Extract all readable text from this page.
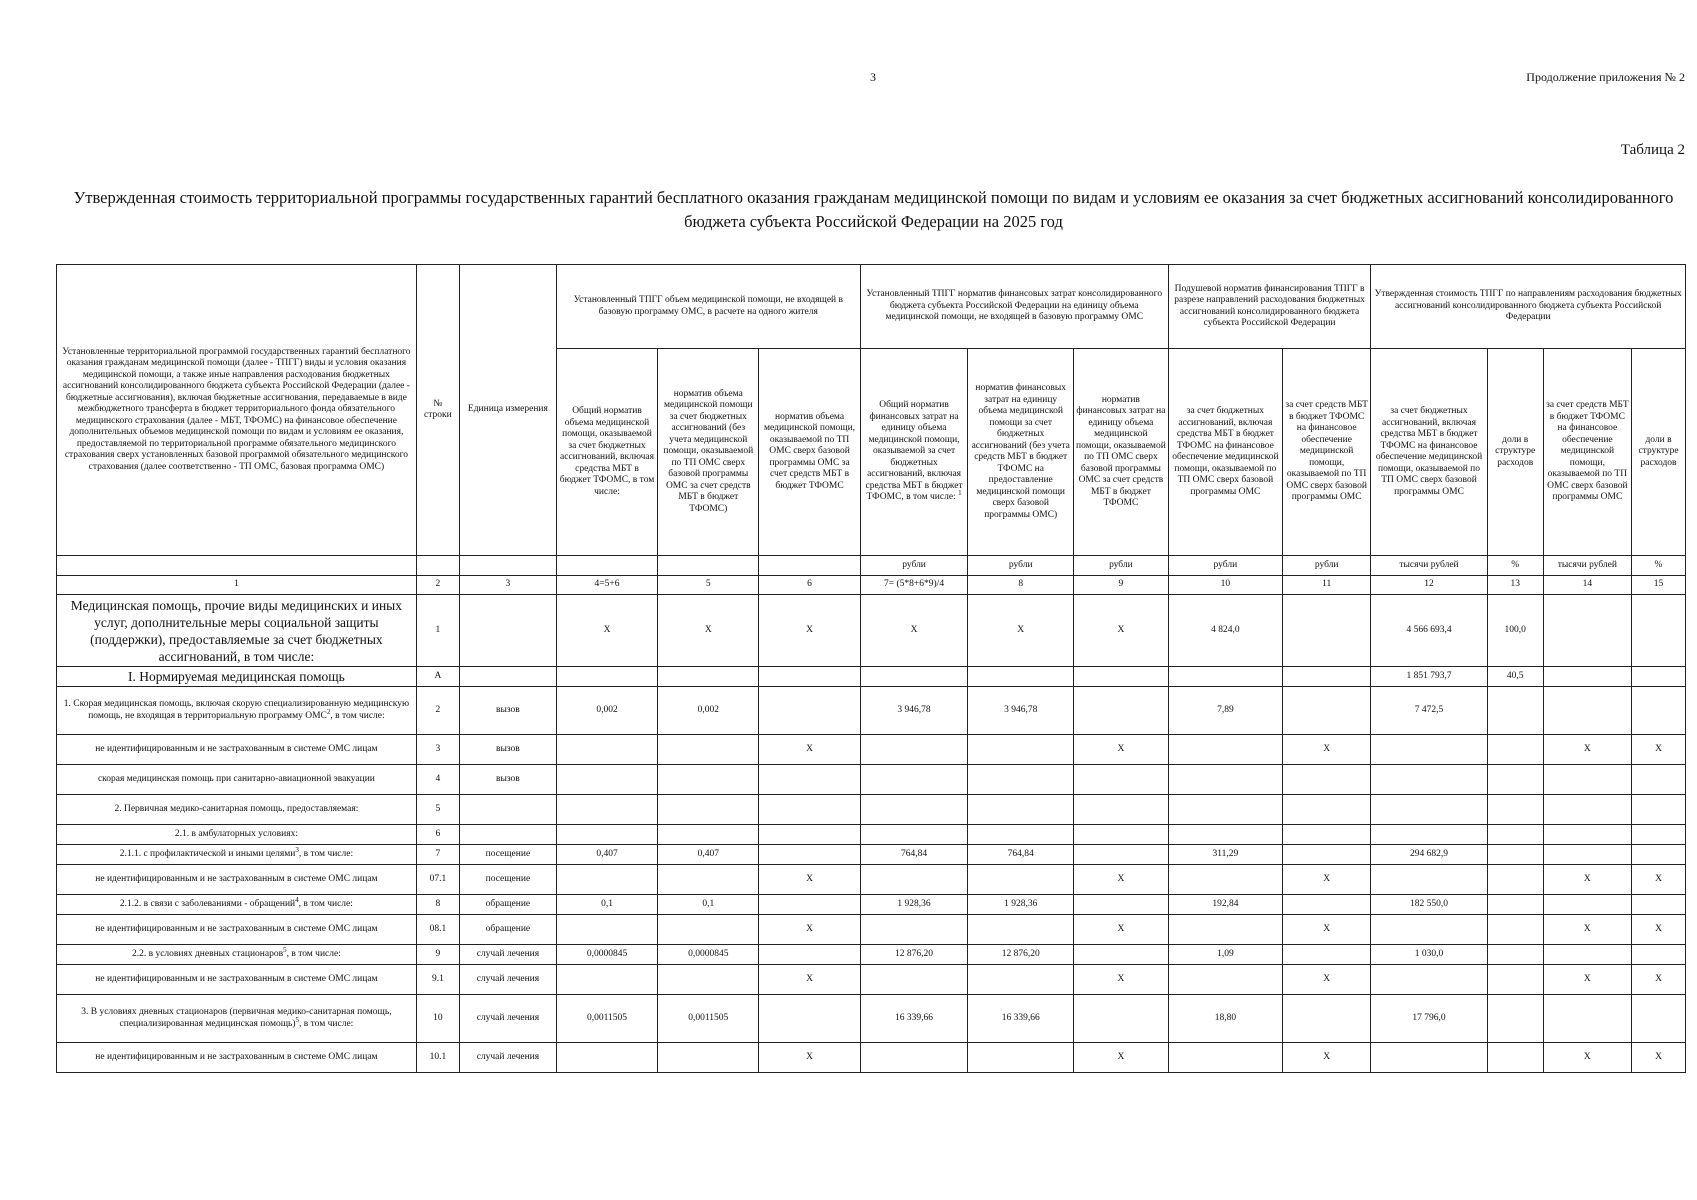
3	Продолжение приложения № 2
Таблица 2
Утвержденная стоимость территориальной программы государственных гарантий бесплатного оказания гражданам медицинской помощи по видам и условиям ее оказания за счет бюджетных ассигнований консолидированного бюджета субъекта Российской Федерации на 2025 год
Установленные территориальной программой государственных гарантий бесплатного оказания гражданам медицинской помощи (далее - ТПГГ) виды и условия оказания медицинской помощи, а также иные направления расходования бюджетных ассигнований консолидированного бюджета субъекта Российской Федерации (далее - бюджетные ассигнования), включая бюджетные ассигнования, передаваемые в виде межбюджетного трансферта в бюджет территориального фонда обязательного медицинского страхования (далее - МБТ, ТФОМС) на финансовое обеспечение дополнительных объемов медицинской помощи по видам и условиям ее оказания, предоставляемой по территориальной программе обязательного медицинского страхования сверх установленных базовой программой обязательного медицинского страхования (далее соответственно - ТП ОМС, базовая программа ОМС)	№ строки	Единица измерения	Установленный ТПГГ объем медицинской помощи, не входящей в базовую программу ОМС, в расчете на одного жителя			Установленный ТПГГ норматив финансовых затрат консолидированного бюджета субъекта Российской Федерации на единицу объема медицинской помощи, не входящей в базовую программу ОМС			Подушевой норматив финансирования ТПГГ в разрезе направлений расходования бюджетных ассигнований консолидированного бюджета субъекта Российской Федерации		Утвержденная стоимость ТПГГ по направлениям расходования бюджетных ассигнований консолидированного бюджета субъекта Российской Федерации			
			Общий норматив объема медицинской помощи, оказываемой за счет бюджетных ассигнований, включая средства МБТ в бюджет ТФОМС, в том числе:	норматив объема медицинской помощи за счет бюджетных ассигнований (без учета медицинской помощи, оказываемой по ТП ОМС сверх базовой программы ОМС за счет средств МБТ в бюджет ТФОМС)	норматив объема медицинской помощи, оказываемой по ТП ОМС сверх базовой программы ОМС за счет средств МБТ в бюджет ТФОМС	Общий норматив финансовых затрат на единицу объема медицинской помощи, оказываемой за счет бюджетных ассигнований, включая средства МБТ в бюджет ТФОМС, в том числе: $^1$	норматив финансовых затрат на единицу объема медицинской помощи за счет бюджетных ассигнований (без учета средств МБТ в бюджет ТФОМС на предоставление медицинской помощи сверх базовой программы ОМС)	норматив финансовых затрат на единицу объема медицинской помощи, оказываемой по ТП ОМС сверх базовой программы ОМС за счет средств МБТ в бюджет ТФОМС	за счет бюджетных ассигнований, включая средства МБТ в бюджет ТФОМС на финансовое обеспечение медицинской помощи, оказываемой по ТП ОМС сверх базовой программы ОМС	за счет средств МБТ в бюджет ТФОМС на финансовое обеспечение медицинской помощи, оказываемой по ТП ОМС сверх базовой программы ОМС	за счет бюджетных ассигнований, включая средства МБТ в бюджет ТФОМС на финансовое обеспечение медицинской помощи, оказываемой по ТП ОМС сверх базовой программы ОМС	доли в структуре расходов	за счет средств МБТ в бюджет ТФОМС на финансовое обеспечение медицинской помощи, оказываемой по ТП ОМС сверх базовой программы ОМС	доли в структуре расходов
						рубли	рубли	рубли	рубли	рубли	тысячи рублей	%	тысячи рублей	%
1	2	3	4=5+6	5	6	7= (5*8+6*9)/4	8	9	10	11	12	13	14	15
Медицинская помощь, прочие виды медицинских и иных услуг, дополнительные меры социальной защиты (поддержки), предоставляемые за счет бюджетных ассигнований, в том числе:	1		X	X	X	X	X	X	4 824,0		4 566 693,4	100,0		
I. Нормируемая медицинская помощь	А										1 851 793,7	40,5		
1. Скорая медицинская помощь, включая скорую специализированную медицинскую помощь, не входящая в территориальную программу ОМС$^2$, в том числе:	2	вызов	0,002	0,002		3 946,78	3 946,78		7,89		7 472,5			
не идентифицированным и не застрахованным в системе ОМС лицам	3	вызов			X			X		X			X	X
скорая медицинская помощь при санитарно-авиационной эвакуации	4	вызов												
2. Первичная медико-санитарная помощь, предоставляемая:	5													
2.1. в амбулаторных условиях:	6													
2.1.1. с профилактической и иными целями$^3$, в том числе:	7	посещение	0,407	0,407		764,84	764,84		311,29		294 682,9			
не идентифицированным и не застрахованным в системе ОМС лицам	07.1	посещение			X			X		X			X	X
2.1.2. в связи с заболеваниями - обращений$^4$, в том числе:	8	обращение	0,1	0,1		1 928,36	1 928,36		192,84		182 550,0			
не идентифицированным и не застрахованным в системе ОМС лицам	08.1	обращение			X			X		X			X	X
2.2. в условиях дневных стационаров$^5$, в том числе:	9	случай лечения	0,0000845	0,0000845		12 876,20	12 876,20		1,09		1 030,0			
не идентифицированным и не застрахованным в системе ОМС лицам	9.1	случай лечения			X			X		X			X	X
3. В условиях дневных стационаров (первичная медико-санитарная помощь, специализированная медицинская помощь)$^5$, в том числе:	10	случай лечения	0,0011505	0,0011505		16 339,66	16 339,66		18,80		17 796,0			
не идентифицированным и не застрахованным в системе ОМС лицам	10.1	случай лечения			X			X		X			X	X
